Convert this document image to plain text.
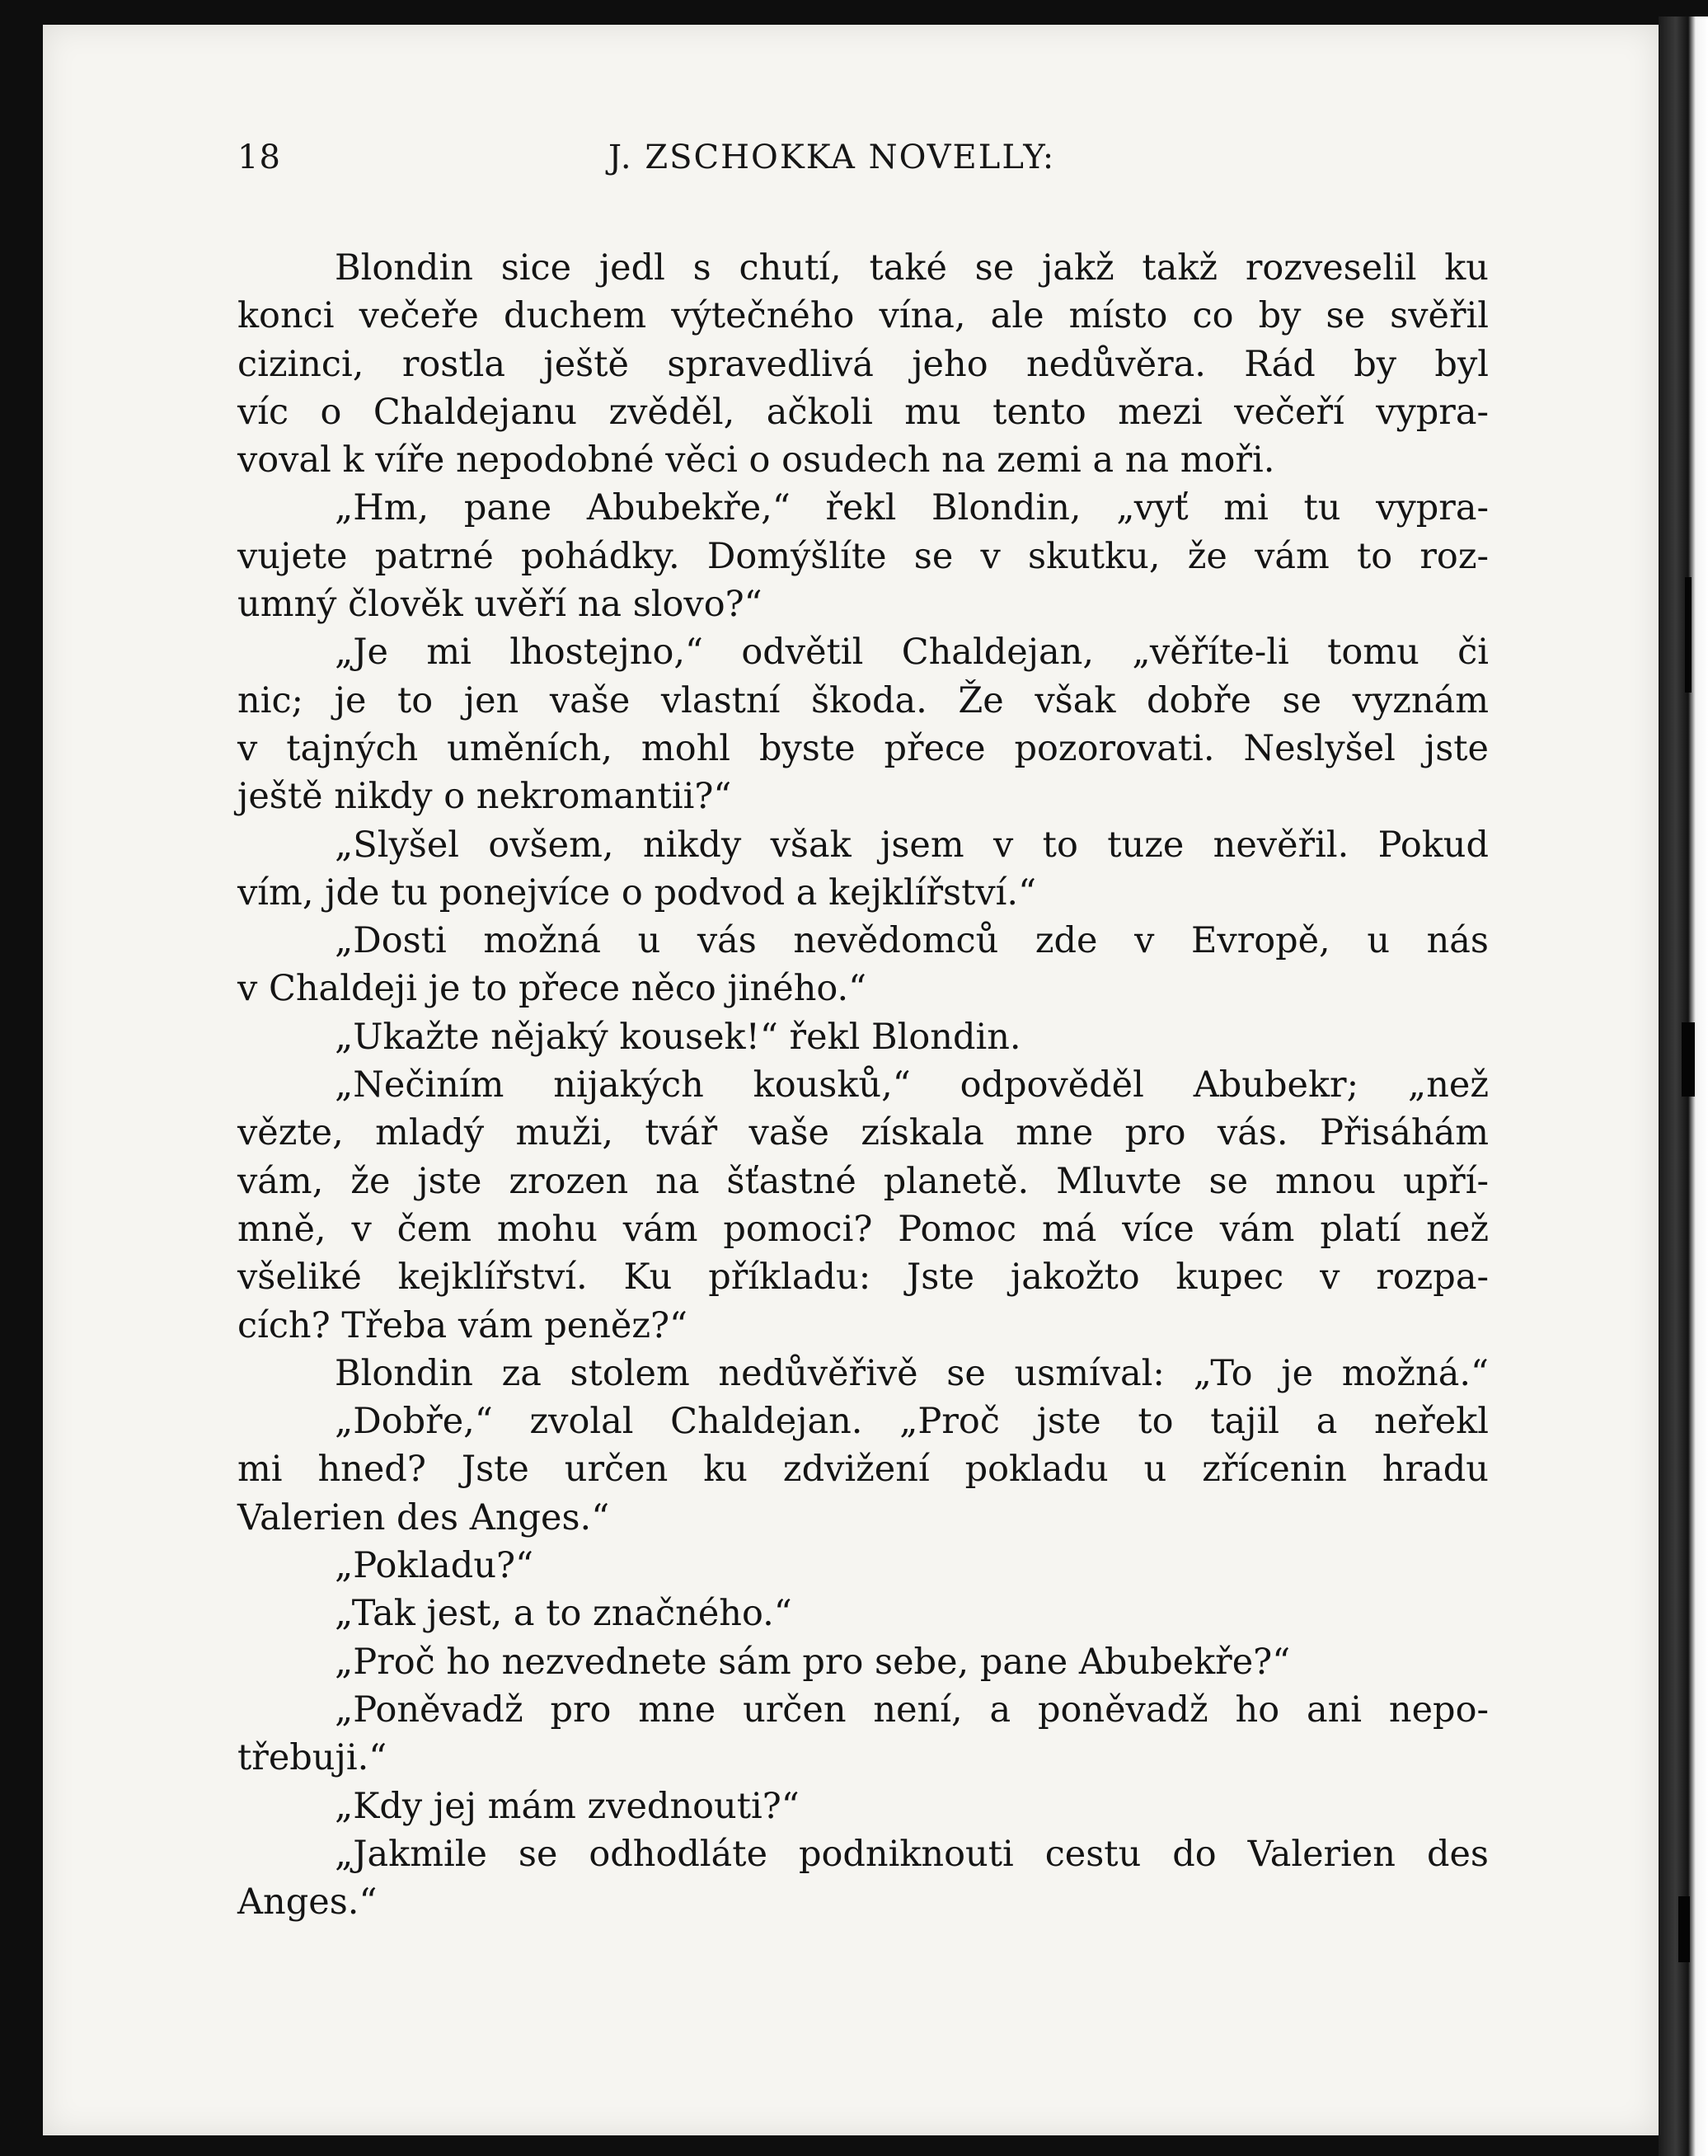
18	J. ZSCHOKKA NOVELLY:
Blondin sice jedl s chutí, také se jakž takž rozveselil ku
konci večeře duchem výtečného vína, ale místo co by se svěřil
cizinci, rostla ještě spravedlivá jeho nedůvěra. Rád by byl
víc o Chaldejanu zvěděl, ačkoli mu tento mezi večeří vypra-
voval k víře nepodobné věci o osudech na zemi a na moři.
„Hm, pane Abubekře,“ řekl Blondin, „vyť mi tu vypra-
vujete patrné pohádky. Domýšlíte se v skutku, že vám to roz-
umný člověk uvěří na slovo?“
„Je mi lhostejno,“ odvětil Chaldejan, „věříte-li tomu či
nic; je to jen vaše vlastní škoda. Že však dobře se vyznám
v tajných uměních, mohl byste přece pozorovati. Neslyšel jste
ještě nikdy o nekromantii?“
„Slyšel ovšem, nikdy však jsem v to tuze nevěřil. Pokud
vím, jde tu ponejvíce o podvod a kejklířství.“
„Dosti možná u vás nevědomců zde v Evropě, u nás
v Chaldeji je to přece něco jiného.“
„Ukažte nějaký kousek!“ řekl Blondin.
„Nečiním nijakých kousků,“ odpověděl Abubekr; „než
vězte, mladý muži, tvář vaše získala mne pro vás. Přisáhám
vám, že jste zrozen na šťastné planetě. Mluvte se mnou upří-
mně, v čem mohu vám pomoci? Pomoc má více vám platí než
všeliké kejklířství. Ku příkladu: Jste jakožto kupec v rozpa-
cích? Třeba vám peněz?“
Blondin za stolem nedůvěřivě se usmíval: „To je možná.“
„Dobře,“ zvolal Chaldejan. „Proč jste to tajil a neřekl
mi hned? Jste určen ku zdvižení pokladu u zřícenin hradu
Valerien des Anges.“
„Pokladu?“
„Tak jest, a to značného.“
„Proč ho nezvednete sám pro sebe, pane Abubekře?“
„Poněvadž pro mne určen není, a poněvadž ho ani nepo-
třebuji.“
„Kdy jej mám zvednouti?“
„Jakmile se odhodláte podniknouti cestu do Valerien des
Anges.“
